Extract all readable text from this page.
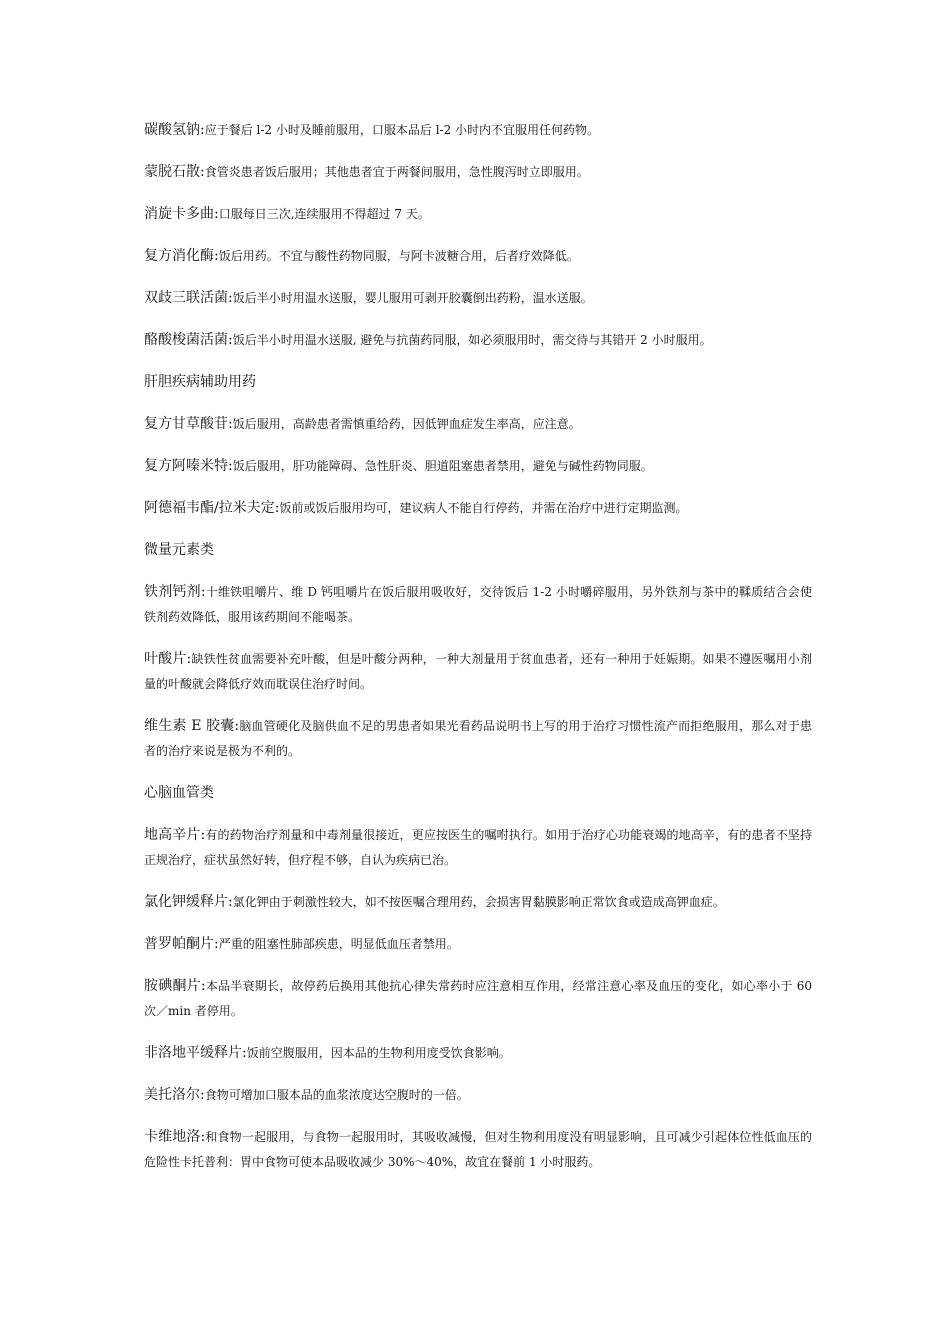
碳酸氢钠:应于餐后 l-2 小时及睡前服用，口服本品后 l-2 小时内不宜服用任何药物。

蒙脱石散:食管炎患者饭后服用；其他患者宜于两餐间服用，急性腹泻时立即服用。

消旋卡多曲:口服每日三次,连续服用不得超过 7 天。

复方消化酶:饭后用药。不宜与酸性药物同服，与阿卡波糖合用，后者疗效降低。

双歧三联活菌:饭后半小时用温水送服，婴儿服用可剥开胶囊倒出药粉，温水送服。

酪酸梭菌活菌:饭后半小时用温水送服, 避免与抗菌药同服，如必须服用时，需交待与其错开 2 小时服用。

肝胆疾病辅助用药

复方甘草酸苷:饭后服用，高龄患者需慎重给药，因低钾血症发生率高，应注意。

复方阿嗪米特:饭后服用，肝功能障碍、急性肝炎、胆道阻塞患者禁用，避免与碱性药物同服。

阿德福韦酯/拉米夫定:饭前或饭后服用均可，建议病人不能自行停药，并需在治疗中进行定期监测。

微量元素类

铁剂钙剂:十维铁咀嚼片、维 D 钙咀嚼片在饭后服用吸收好，交待饭后 1-2 小时嚼碎服用，另外铁剂与茶中的鞣质结合会使铁剂药效降低，服用该药期间不能喝茶。

叶酸片:缺铁性贫血需要补充叶酸，但是叶酸分两种，一种大剂量用于贫血患者，还有一种用于妊娠期。如果不遵医嘱用小剂量的叶酸就会降低疗效而耽误住治疗时间。

维生素 E 胶囊:脑血管硬化及脑供血不足的男患者如果光看药品说明书上写的用于治疗习惯性流产而拒绝服用，那么对于患者的治疗来说是极为不利的。

心脑血管类

地高辛片:有的药物治疗剂量和中毒剂量很接近，更应按医生的嘱咐执行。如用于治疗心功能衰竭的地高辛，有的患者不坚持正规治疗，症状虽然好转，但疗程不够，自认为疾病已治。

氯化钾缓释片:氯化钾由于刺激性较大，如不按医嘱合理用药，会损害胃黏膜影响正常饮食或造成高钾血症。

普罗帕酮片:严重的阻塞性肺部疾患，明显低血压者禁用。

胺碘酮片:本品半衰期长，故停药后换用其他抗心律失常药时应注意相互作用，经常注意心率及血压的变化，如心率小于 60 次／min 者停用。

非洛地平缓释片:饭前空腹服用，因本品的生物利用度受饮食影响。

美托洛尔:食物可增加口服本品的血浆浓度达空腹时的一倍。

卡维地洛:和食物一起服用，与食物一起服用时，其吸收减慢，但对生物利用度没有明显影响，且可减少引起体位性低血压的危险性卡托普利：胃中食物可使本品吸收减少 30%～40%，故宜在餐前 1 小时服药。
